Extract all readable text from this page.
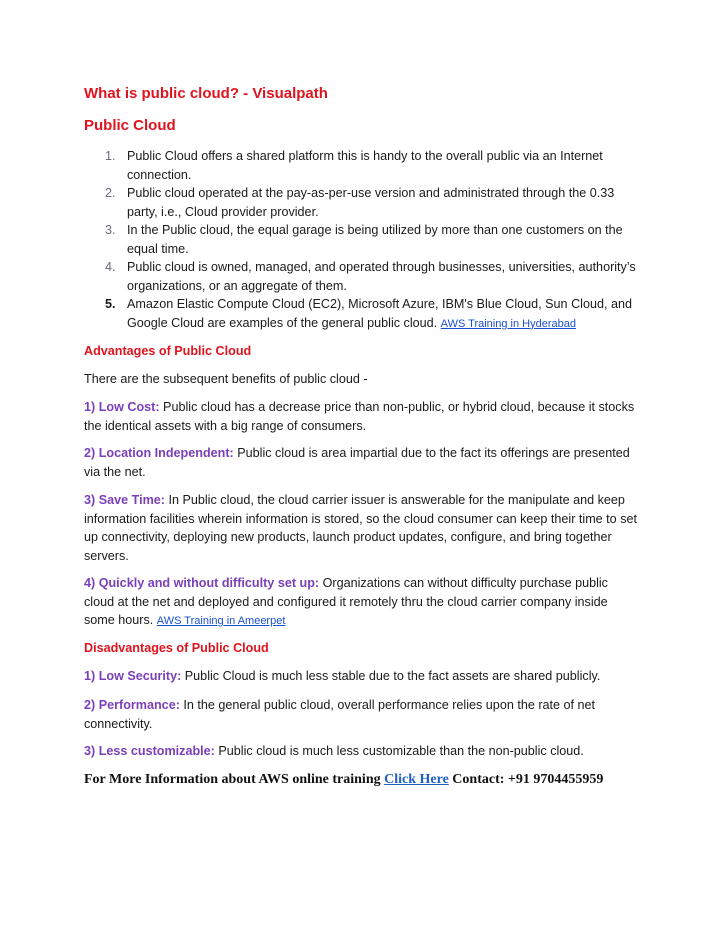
What is public cloud? - Visualpath
Public Cloud
1. Public Cloud offers a shared platform this is handy to the overall public via an Internet connection.
2. Public cloud operated at the pay-as-per-use version and administrated through the 0.33 party, i.e., Cloud provider provider.
3. In the Public cloud, the equal garage is being utilized by more than one customers on the equal time.
4. Public cloud is owned, managed, and operated through businesses, universities, authority’s organizations, or an aggregate of them.
5. Amazon Elastic Compute Cloud (EC2), Microsoft Azure, IBM's Blue Cloud, Sun Cloud, and Google Cloud are examples of the general public cloud. AWS Training in Hyderabad
Advantages of Public Cloud
There are the subsequent benefits of public cloud -

1) Low Cost: Public cloud has a decrease price than non-public, or hybrid cloud, because it stocks the identical assets with a big range of consumers.

2) Location Independent: Public cloud is area impartial due to the fact its offerings are presented via the net.

3) Save Time: In Public cloud, the cloud carrier issuer is answerable for the manipulate and keep information facilities wherein information is stored, so the cloud consumer can keep their time to set up connectivity, deploying new products, launch product updates, configure, and bring together servers.

4) Quickly and without difficulty set up: Organizations can without difficulty purchase public cloud at the net and deployed and configured it remotely thru the cloud carrier company inside some hours. AWS Training in Ameerpet

Disadvantages of Public Cloud

1) Low Security: Public Cloud is much less stable due to the fact assets are shared publicly.

2) Performance: In the general public cloud, overall performance relies upon the rate of net connectivity.

3) Less customizable: Public cloud is much less customizable than the non-public cloud.

For More Information about AWS online training Click Here Contact: +91 9704455959
